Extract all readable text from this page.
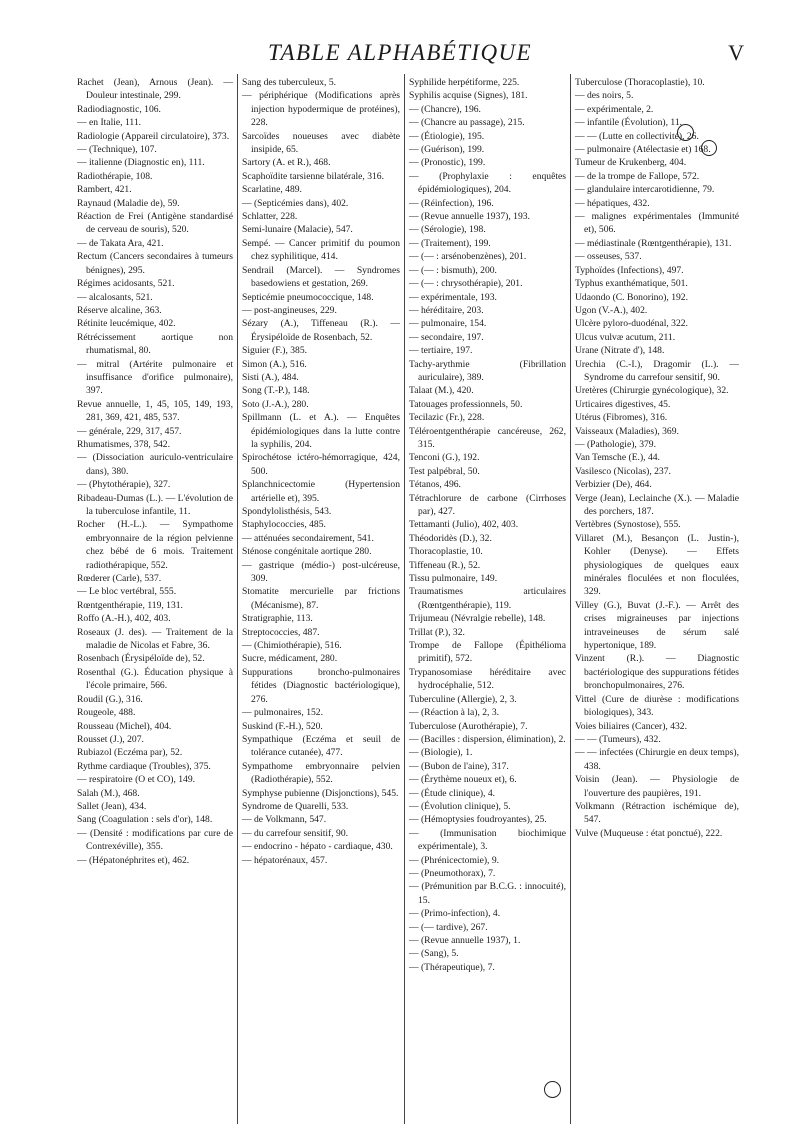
TABLE ALPHABÉTIQUE	V

Rachet (Jean), Arnous (Jean). — Douleur intestinale, 299.

Radiodiagnostic, 106.

— en Italie, 111.

Radiologie (Appareil circulatoire), 373.

— (Technique), 107.

— italienne (Diagnostic en), 111.

Radiothérapie, 108.

Rambert, 421.

Raynaud (Maladie de), 59.

Réaction de Frei (Antigène standardisé de cerveau de souris), 520.

— de Takata Ara, 421.

Rectum (Cancers secondaires à tumeurs bénignes), 295.

Régimes acidosants, 521.

— alcalosants, 521.

Réserve alcaline, 363.

Rétinite leucémique, 402.

Rétrécissement aortique non rhumatismal, 80.

— mitral (Artérite pulmonaire et insuffisance d'orifice pulmonaire), 397.

Revue annuelle, 1, 45, 105, 149, 193, 281, 369, 421, 485, 537.

— générale, 229, 317, 457.

Rhumatismes, 378, 542.

— (Dissociation auriculo-ventriculaire dans), 380.

— (Phytothérapie), 327.

Ribadeau-Dumas (L.). — L'évolution de la tuberculose infantile, 11.

Rocher (H.-L.). — Sympathome embryonnaire de la région pelvienne chez bébé de 6 mois. Traitement radiothérapique, 552.

Rœderer (Carle), 537.

— Le bloc vertébral, 555.

Rœntgenthérapie, 119, 131.

Roffo (A.-H.), 402, 403.

Roseaux (J. des). — Traitement de la maladie de Nicolas et Fabre, 36.

Rosenbach (Érysipéloïde de), 52.

Rosenthal (G.). Éducation physique à l'école primaire, 566.

Roudil (G.), 316.

Rougeole, 488.

Rousseau (Michel), 404.

Rousset (J.), 207.

Rubiazol (Eczéma par), 52.

Rythme cardiaque (Troubles), 375.

— respiratoire (O et CO), 149.

Salah (M.), 468.

Sallet (Jean), 434.

Sang (Coagulation : sels d'or), 148.

— (Densité : modifications par cure de Contrexéville), 355.

— (Hépatonéphrites et), 462.

Sang des tuberculeux, 5.

— périphérique (Modifications après injection hypodermique de protéines), 228.

Sarcoïdes noueuses avec diabète insipide, 65.

Sartory (A. et R.), 468.

Scaphoïdite tarsienne bilatérale, 316.

Scarlatine, 489.

— (Septicémies dans), 402.

Schlatter, 228.

Semi-lunaire (Malacie), 547.

Sempé. — Cancer primitif du poumon chez syphilitique, 414.

Sendrail (Marcel). — Syndromes basedowiens et gestation, 269.

Septicémie pneumococcique, 148.

— post-angineuses, 229.

Sézary (A.), Tiffeneau (R.). — Érysipéloïde de Rosenbach, 52.

Siguier (F.), 385.

Simon (A.), 516.

Sisti (A.), 484.

Song (T.-P.), 148.

Soto (J.-A.), 280.

Spillmann (L. et A.). — Enquêtes épidémiologiques dans la lutte contre la syphilis, 204.

Spirochétose ictéro-hémorragique, 424, 500.

Splanchnicectomie (Hypertension artérielle et), 395.

Spondylolisthésis, 543.

Staphylococcies, 485.

— atténuées secondairement, 541.

Sténose congénitale aortique 280.

— gastrique (médio-) post-ulcéreuse, 309.

Stomatite mercurielle par frictions (Mécanisme), 87.

Stratigraphie, 113.

Streptococcies, 487.

— (Chimiothérapie), 516.

Sucre, médicament, 280.

Suppurations broncho-pulmonaires fétides (Diagnostic bactériologique), 276.

— pulmonaires, 152.

Suskind (F.-H.), 520.

Sympathique (Eczéma et seuil de tolérance cutanée), 477.

Sympathome embryonnaire pelvien (Radiothérapie), 552.

Symphyse pubienne (Disjonctions), 545.

Syndrome de Quarelli, 533.

— de Volkmann, 547.

— du carrefour sensitif, 90.

— endocrino - hépato - cardiaque, 430.

— hépatorénaux, 457.

Syphilide herpétiforme, 225.

Syphilis acquise (Signes), 181.

— (Chancre), 196.

— (Chancre au passage), 215.

— (Étiologie), 195.

— (Guérison), 199.

— (Pronostic), 199.

— (Prophylaxie : enquêtes épidémiologiques), 204.

— (Réinfection), 196.

— (Revue annuelle 1937), 193.

— (Sérologie), 198.

— (Traitement), 199.

— (— : arsénobenzènes), 201.

— (— : bismuth), 200.

— (— : chrysothérapie), 201.

— expérimentale, 193.

— héréditaire, 203.

— pulmonaire, 154.

— secondaire, 197.

— tertiaire, 197.

Tachy-arythmie (Fibrillation auriculaire), 389.

Talaat (M.), 420.

Tatouages professionnels, 50.

Tecilazic (Fr.), 228.

Téléroentgenthérapie cancéreuse, 262, 315.

Tenconi (G.), 192.

Test palpébral, 50.

Tétanos, 496.

Tétrachlorure de carbone (Cirrhoses par), 427.

Tettamanti (Julio), 402, 403.

Théodoridès (D.), 32.

Thoracoplastie, 10.

Tiffeneau (R.), 52.

Tissu pulmonaire, 149.

Traumatismes articulaires (Rœntgenthérapie), 119.

Trijumeau (Névralgie rebelle), 148.

Trillat (P.), 32.

Trompe de Fallope (Épithélioma primitif), 572.

Trypanosomiase héréditaire avec hydrocéphalie, 512.

Tuberculine (Allergie), 2, 3.

— (Réaction à la), 2, 3.

Tuberculose (Aurothérapie), 7.

— (Bacilles : dispersion, élimination), 2.

— (Biologie), 1.

— (Bubon de l'aine), 317.

— (Érythème noueux et), 6.

— (Étude clinique), 4.

— (Évolution clinique), 5.

— (Hémoptysies foudroyantes), 25.

— (Immunisation biochimique expérimentale), 3.

— (Phrénicectomie), 9.

— (Pneumothorax), 7.

— (Prémunition par B.C.G. : innocuité), 15.

— (Primo-infection), 4.

— (— tardive), 267.

— (Revue annuelle 1937), 1.

— (Sang), 5.

— (Thérapeutique), 7.

Tuberculose (Thoracoplastie), 10.

— des noirs, 5.

— expérimentale, 2.

— infantile (Évolution), 11.

— — (Lutte en collectivité), 26.

— pulmonaire (Atélectasie et) 168.

Tumeur de Krukenberg, 404.

— de la trompe de Fallope, 572.

— glandulaire intercarotidienne, 79.

— hépatiques, 432.

— malignes expérimentales (Immunité et), 506.

— médiastinale (Rœntgenthérapie), 131.

— osseuses, 537.

Typhoïdes (Infections), 497.

Typhus exanthématique, 501.

Udaondo (C. Bonorino), 192.

Ugon (V.-A.), 402.

Ulcère pyloro-duodénal, 322.

Ulcus vulvæ acutum, 211.

Urane (Nitrate d'), 148.

Urechia (C.-I.), Dragomir (L.). — Syndrome du carrefour sensitif, 90.

Uretères (Chirurgie gynécologique), 32.

Urticaires digestives, 45.

Utérus (Fibromes), 316.

Vaisseaux (Maladies), 369.

— (Pathologie), 379.

Van Temsche (E.), 44.

Vasilesco (Nicolas), 237.

Verbizier (De), 464.

Verge (Jean), Leclainche (X.). — Maladie des porchers, 187.

Vertèbres (Synostose), 555.

Villaret (M.), Besançon (L. Justin-), Kohler (Denyse). — Effets physiologiques de quelques eaux minérales floculées et non floculées, 329.

Villey (G.), Buvat (J.-F.). — Arrêt des crises migraineuses par injections intraveineuses de sérum salé hypertonique, 189.

Vinzent (R.). — Diagnostic bactériologique des suppurations fétides bronchopulmonaires, 276.

Vittel (Cure de diurèse : modifications biologiques), 343.

Voies biliaires (Cancer), 432.

— — (Tumeurs), 432.

— — infectées (Chirurgie en deux temps), 438.

Voisin (Jean). — Physiologie de l'ouverture des paupières, 191.

Volkmann (Rétraction ischémique de), 547.

Vulve (Muqueuse : état ponctué), 222.
